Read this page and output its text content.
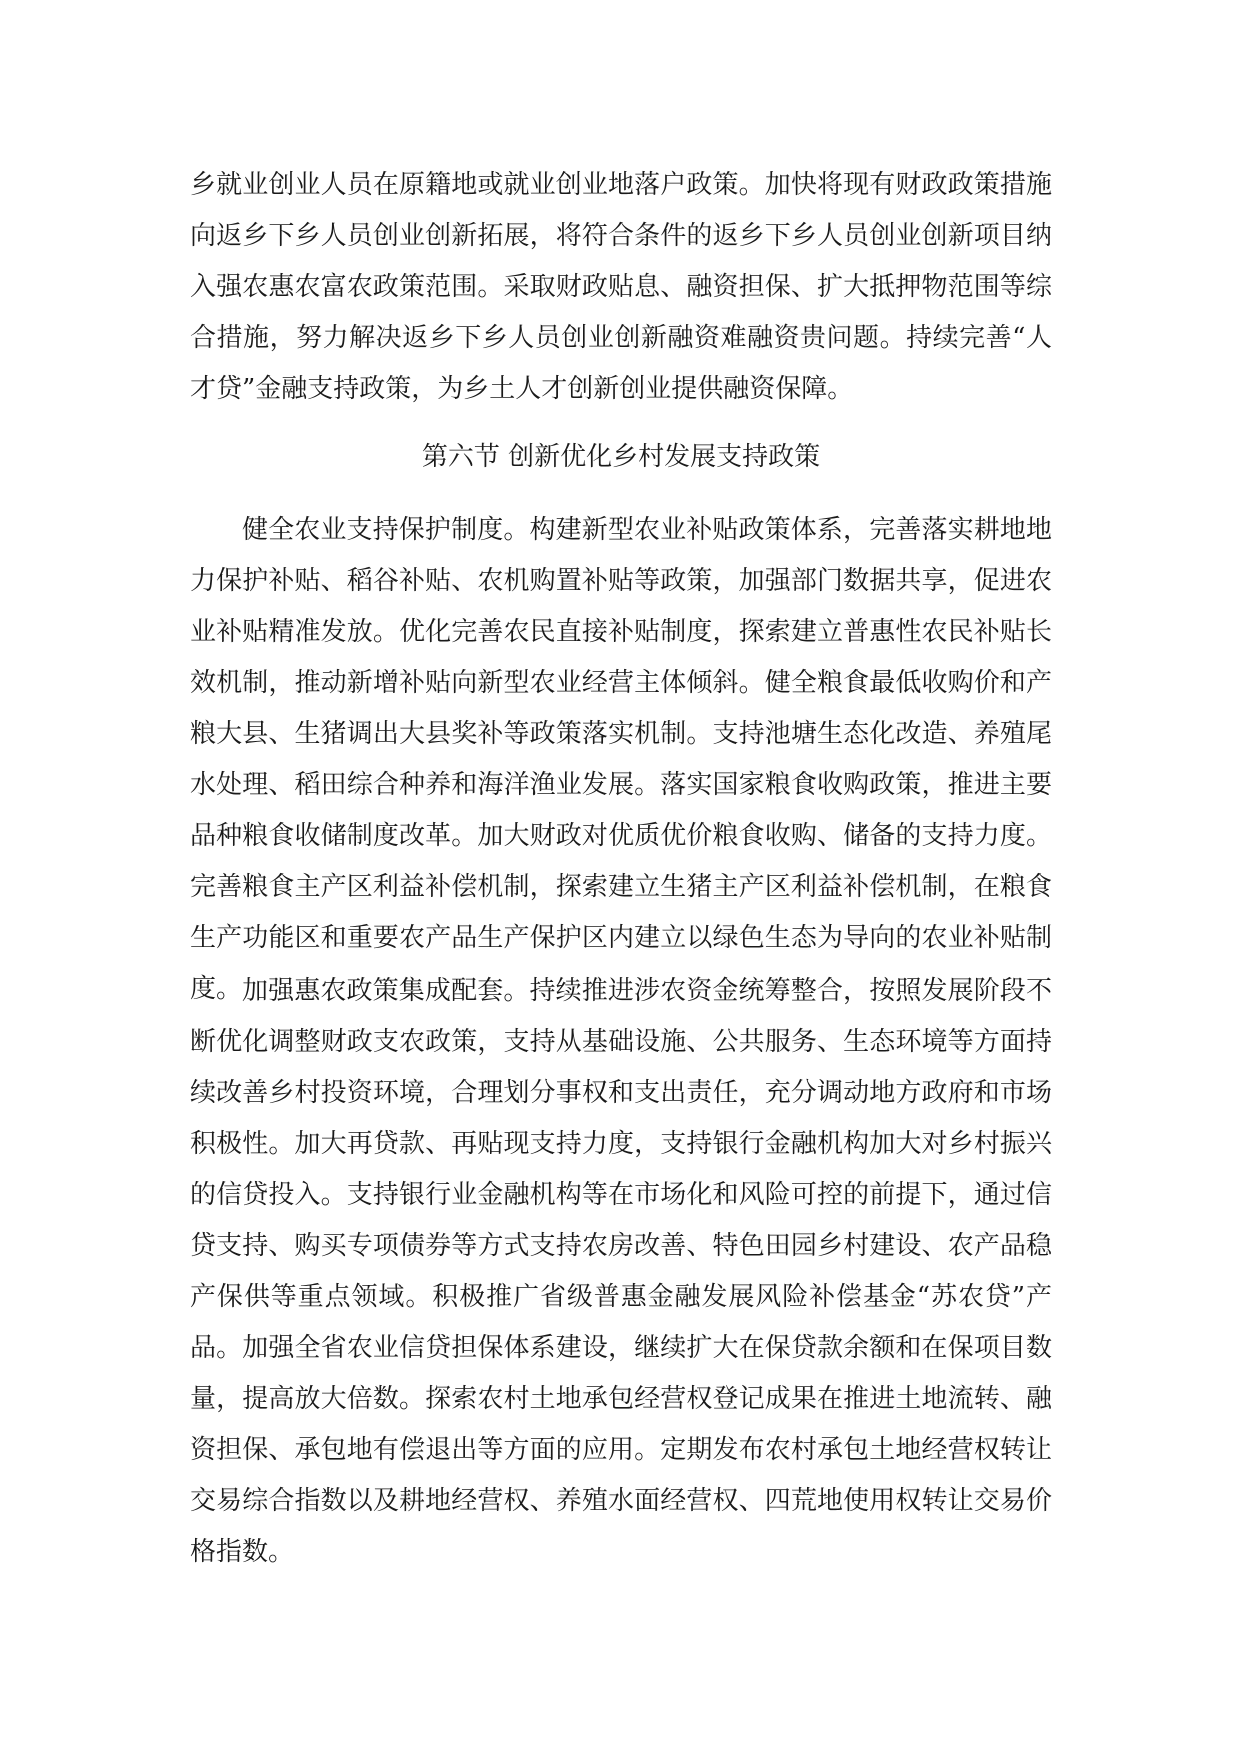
乡就业创业人员在原籍地或就业创业地落户政策。加快将现有财政政策措施向返乡下乡人员创业创新拓展，将符合条件的返乡下乡人员创业创新项目纳入强农惠农富农政策范围。采取财政贴息、融资担保、扩大抵押物范围等综合措施，努力解决返乡下乡人员创业创新融资难融资贵问题。持续完善“人才贷”金融支持政策，为乡土人才创新创业提供融资保障。

第六节 创新优化乡村发展支持政策

健全农业支持保护制度。构建新型农业补贴政策体系，完善落实耕地地力保护补贴、稻谷补贴、农机购置补贴等政策，加强部门数据共享，促进农业补贴精准发放。优化完善农民直接补贴制度，探索建立普惠性农民补贴长效机制，推动新增补贴向新型农业经营主体倾斜。健全粮食最低收购价和产粮大县、生猪调出大县奖补等政策落实机制。支持池塘生态化改造、养殖尾水处理、稻田综合种养和海洋渔业发展。落实国家粮食收购政策，推进主要品种粮食收储制度改革。加大财政对优质优价粮食收购、储备的支持力度。完善粮食主产区利益补偿机制，探索建立生猪主产区利益补偿机制，在粮食生产功能区和重要农产品生产保护区内建立以绿色生态为导向的农业补贴制度。 加强惠农政策集成配套。持续推进涉农资金统筹整合，按照发展阶段不断优化调整财政支农政策，支持从基础设施、公共服务、生态环境等方面持续改善乡村投资环境，合理划分事权和支出责任，充分调动地方政府和市场积极性。加大再贷款、再贴现支持力度，支持银行金融机构加大对乡村振兴的信贷投入。支持银行业金融机构等在市场化和风险可控的前提下，通过信贷支持、购买专项债券等方式支持农房改善、特色田园乡村建设、农产品稳产保供等重点领域。积极推广省级普惠金融发展风险补偿基金“苏农贷”产品。加强全省农业信贷担保体系建设，继续扩大在保贷款余额和在保项目数量，提高放大倍数。探索农村土地承包经营权登记成果在推进土地流转、融资担保、承包地有偿退出等方面的应用。定期发布农村承包土地经营权转让交易综合指数以及耕地经营权、养殖水面经营权、四荒地使用权转让交易价格指数。
